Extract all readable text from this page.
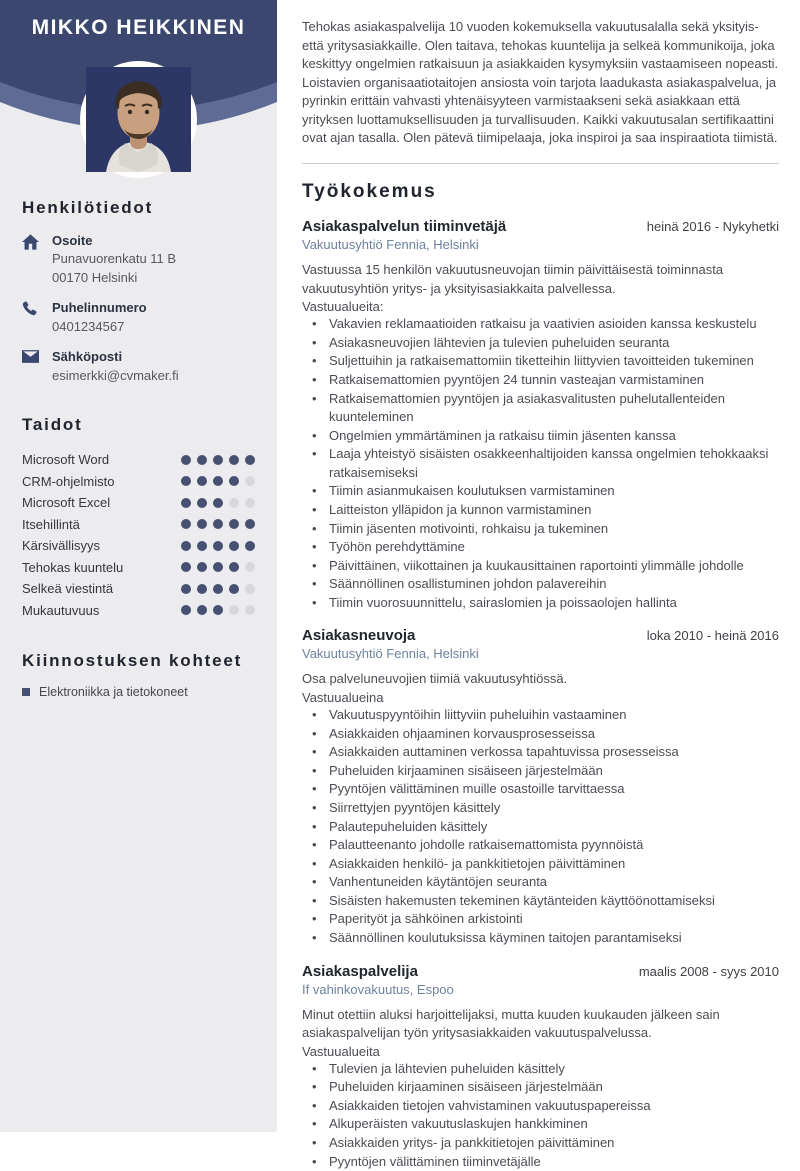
MIKKO HEIKKINEN
Henkilötiedot
Osoite
Punavuorenkatu 11 B
00170 Helsinki
Puhelinnumero
0401234567
Sähköposti
esimerkki@cvmaker.fi
Taidot
Microsoft Word
CRM-ohjelmisto
Microsoft Excel
Itsehillintä
Kärsivällisyys
Tehokas kuuntelu
Selkeä viestintä
Mukautuvuus
Kiinnostuksen kohteet
Elektroniikka ja tietokoneet

Tehokas asiakaspalvelija 10 vuoden kokemuksella vakuutusalalla sekä yksityis- että yritysasiakkaille. Olen taitava, tehokas kuuntelija ja selkeä kommunikoija, joka keskittyy ongelmien ratkaisuun ja asiakkaiden kysymyksiin vastaamiseen nopeasti. Loistavien organisaatiotaitojen ansiosta voin tarjota laadukasta asiakaspalvelua, ja pyrinkin erittäin vahvasti yhtenäisyyteen varmistaakseni sekä asiakkaan että yrityksen luottamuksellisuuden ja turvallisuuden. Kaikki vakuutusalan sertifikaattini ovat ajan tasalla. Olen pätevä tiimipelaaja, joka inspiroi ja saa inspiraatiota tiimistä.

Työkokemus
Asiakaspalvelun tiiminvetäjä	heinä 2016 - Nykyhetki
Vakuutusyhtiö Fennia, Helsinki
Vastuussa 15 henkilön vakuutusneuvojan tiimin päivittäisestä toiminnasta vakuutusyhtiön yritys- ja yksityisasiakkaita palvellessa.
Vastuualueita:
• Vakavien reklamaatioiden ratkaisu ja vaativien asioiden kanssa keskustelu
• Asiakasneuvojien lähtevien ja tulevien puheluiden seuranta
• Suljettuihin ja ratkaisemattomiin tiketteihin liittyvien tavoitteiden tukeminen
• Ratkaisemattomien pyyntöjen 24 tunnin vasteajan varmistaminen
• Ratkaisemattomien pyyntöjen ja asiakasvalitusten puhelutallenteiden kuunteleminen
• Ongelmien ymmärtäminen ja ratkaisu tiimin jäsenten kanssa
• Laaja yhteistyö sisäisten osakkeenhaltijoiden kanssa ongelmien tehokkaaksi ratkaisemiseksi
• Tiimin asianmukaisen koulutuksen varmistaminen
• Laitteiston ylläpidon ja kunnon varmistaminen
• Tiimin jäsenten motivointi, rohkaisu ja tukeminen
• Työhön perehdyttämine
• Päivittäinen, viikottainen ja kuukausittainen raportointi ylimmälle johdolle
• Säännöllinen osallistuminen johdon palavereihin
• Tiimin vuorosuunnittelu, sairaslomien ja poissaolojen hallinta
Asiakasneuvoja	loka 2010 - heinä 2016
Vakuutusyhtiö Fennia, Helsinki
Osa palveluneuvojien tiimiä vakuutusyhtiössä.
Vastuualueina
• Vakuutuspyyntöihin liittyviin puheluihin vastaaminen
• Asiakkaiden ohjaaminen korvausprosesseissa
• Asiakkaiden auttaminen verkossa tapahtuvissa prosesseissa
• Puheluiden kirjaaminen sisäiseen järjestelmään
• Pyyntöjen välittäminen muille osastoille tarvittaessa
• Siirrettyjen pyyntöjen käsittely
• Palautepuheluiden käsittely
• Palautteenanto johdolle ratkaisemattomista pyynnöistä
• Asiakkaiden henkilö- ja pankkitietojen päivittäminen
• Vanhentuneiden käytäntöjen seuranta
• Sisäisten hakemusten tekeminen käytänteiden käyttöönottamiseksi
• Paperityöt ja sähköinen arkistointi
• Säännöllinen koulutuksissa käyminen taitojen parantamiseksi
Asiakaspalvelija	maalis 2008 - syys 2010
If vahinkovakuutus, Espoo
Minut otettiin aluksi harjoittelijaksi, mutta kuuden kuukauden jälkeen sain asiakaspalvelijan työn yritysasiakkaiden vakuutuspalvelussa.
Vastuualueita
• Tulevien ja lähtevien puheluiden käsittely
• Puheluiden kirjaaminen sisäiseen järjestelmään
• Asiakkaiden tietojen vahvistaminen vakuutuspapereissa
• Alkuperäisten vakuutuslaskujen hankkiminen
• Asiakkaiden yritys- ja pankkitietojen päivittäminen
• Pyyntöjen välittäminen tiiminvetäjälle
